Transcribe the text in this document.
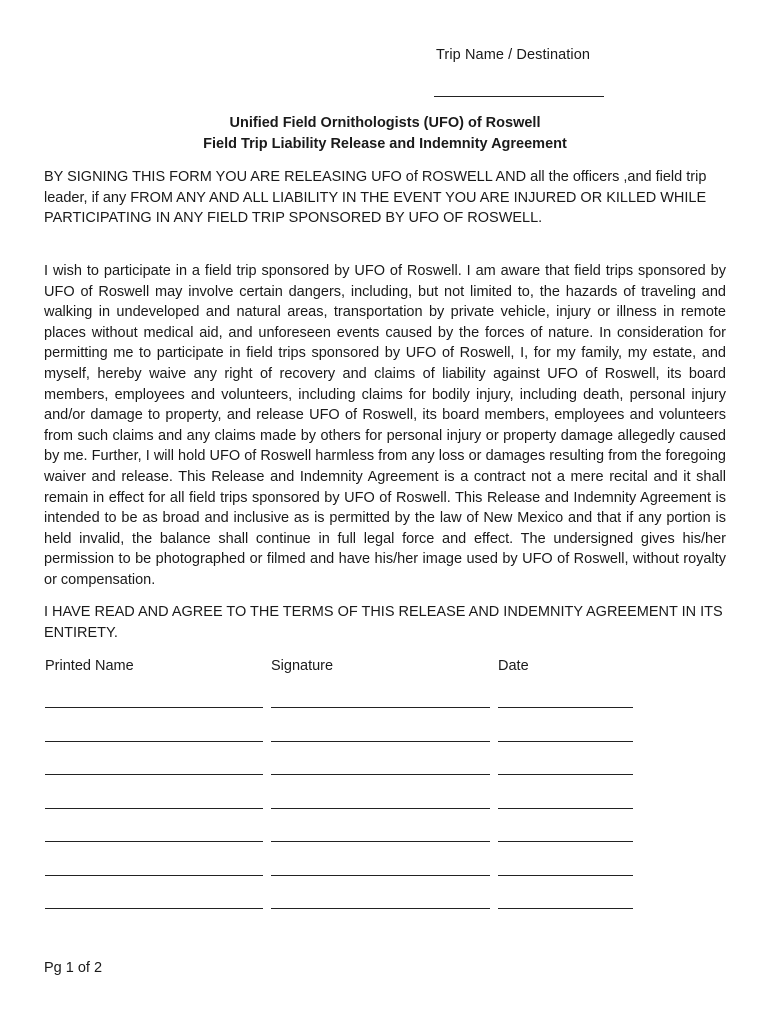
Trip Name / Destination
Unified Field Ornithologists (UFO) of Roswell
Field Trip Liability Release and Indemnity Agreement

BY SIGNING THIS FORM YOU ARE RELEASING UFO of ROSWELL AND all the officers ,and field trip leader, if any FROM ANY AND ALL LIABILITY IN THE EVENT YOU ARE INJURED OR KILLED WHILE PARTICIPATING IN ANY FIELD TRIP SPONSORED BY UFO OF ROSWELL.

I wish to participate in a field trip sponsored by UFO of Roswell. I am aware that field trips sponsored by UFO of Roswell may involve certain dangers, including, but not limited to, the hazards of traveling and walking in undeveloped and natural areas, transportation by private vehicle, injury or illness in remote places without medical aid, and unforeseen events caused by the forces of nature. In consideration for permitting me to participate in field trips sponsored by UFO of Roswell, I, for my family, my estate, and myself, hereby waive any right of recovery and claims of liability against UFO of Roswell, its board members, employees and volunteers, including claims for bodily injury, including death, personal injury and/or damage to property, and release UFO of Roswell, its board members, employees and volunteers from such claims and any claims made by others for personal injury or property damage allegedly caused by me. Further, I will hold UFO of Roswell harmless from any loss or damages resulting from the foregoing waiver and release. This Release and Indemnity Agreement is a contract not a mere recital and it shall remain in effect for all field trips sponsored by UFO of Roswell. This Release and Indemnity Agreement is intended to be as broad and inclusive as is permitted by the law of New Mexico and that if any portion is held invalid, the balance shall continue in full legal force and effect. The undersigned gives his/her permission to be photographed or filmed and have his/her image used by UFO of Roswell, without royalty or compensation.

I HAVE READ AND AGREE TO THE TERMS OF THIS RELEASE AND INDEMNITY AGREEMENT IN ITS ENTIRETY.

Printed Name	Signature	Date
Pg 1 of 2
